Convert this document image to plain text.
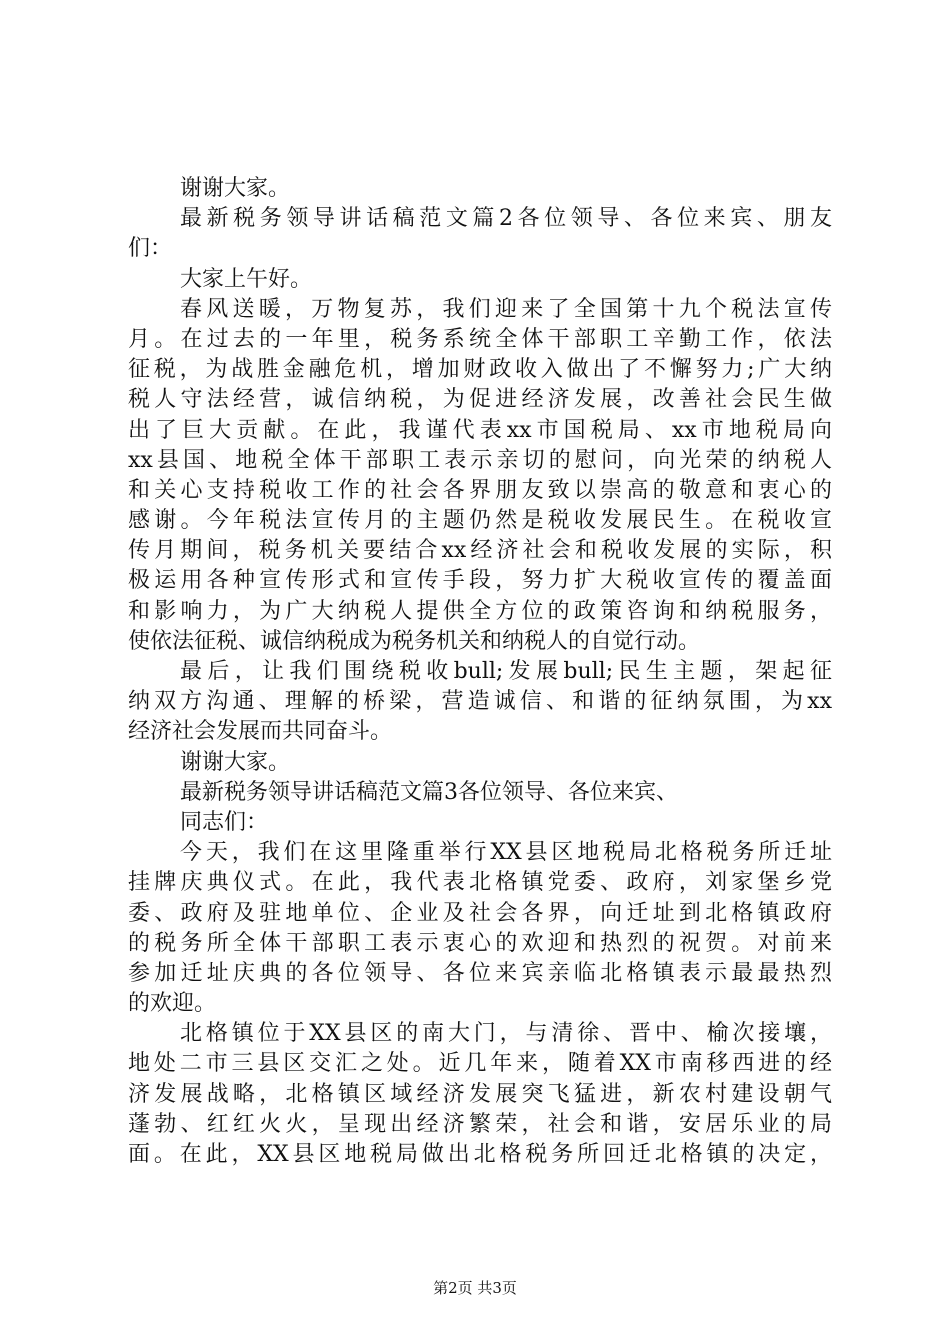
谢谢大家。
最新税务领导讲话稿范文篇2各位领导、各位来宾、朋友
们：
大家上午好。
春风送暖，万物复苏，我们迎来了全国第十九个税法宣传
月。在过去的一年里，税务系统全体干部职工辛勤工作，依法
征税，为战胜金融危机，增加财政收入做出了不懈努力;广大纳
税人守法经营，诚信纳税，为促进经济发展，改善社会民生做
出了巨大贡献。在此，我谨代表xx市国税局、xx市地税局向
xx县国、地税全体干部职工表示亲切的慰问，向光荣的纳税人
和关心支持税收工作的社会各界朋友致以崇高的敬意和衷心的
感谢。今年税法宣传月的主题仍然是税收发展民生。在税收宣
传月期间，税务机关要结合xx经济社会和税收发展的实际，积
极运用各种宣传形式和宣传手段，努力扩大税收宣传的覆盖面
和影响力，为广大纳税人提供全方位的政策咨询和纳税服务，
使依法征税、诚信纳税成为税务机关和纳税人的自觉行动。
最后，让我们围绕税收bull;发展bull;民生主题，架起征
纳双方沟通、理解的桥梁，营造诚信、和谐的征纳氛围，为xx
经济社会发展而共同奋斗。
谢谢大家。
最新税务领导讲话稿范文篇3各位领导、各位来宾、
同志们：
今天，我们在这里隆重举行XX县区地税局北格税务所迁址
挂牌庆典仪式。在此，我代表北格镇党委、政府，刘家堡乡党
委、政府及驻地单位、企业及社会各界，向迁址到北格镇政府
的税务所全体干部职工表示衷心的欢迎和热烈的祝贺。对前来
参加迁址庆典的各位领导、各位来宾亲临北格镇表示最最热烈
的欢迎。
北格镇位于XX县区的南大门，与清徐、晋中、榆次接壤，
地处二市三县区交汇之处。近几年来，随着XX市南移西进的经
济发展战略，北格镇区域经济发展突飞猛进，新农村建设朝气
蓬勃、红红火火，呈现出经济繁荣，社会和谐，安居乐业的局
面。在此，XX县区地税局做出北格税务所回迁北格镇的决定，
第2页 共3页
